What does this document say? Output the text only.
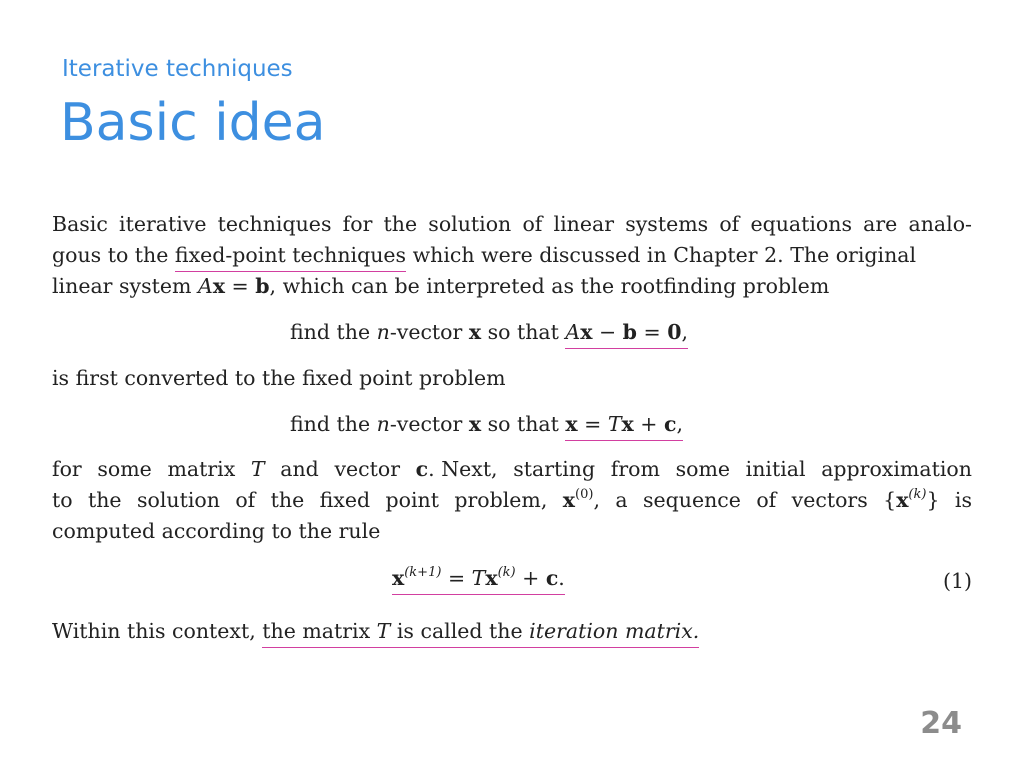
Iterative techniques
Basic idea
Basic iterative techniques for the solution of linear systems of equations are analo-
gous to the fixed-point techniques which were discussed in Chapter 2. The original
linear system Ax = b, which can be interpreted as the rootfinding problem
find the n-vector x so that Ax − b = 0,
is first converted to the fixed point problem
find the n-vector x so that x = Tx + c,
for some matrix T and vector c. Next, starting from some initial approximation
to the solution of the fixed point problem, $x^{(0)}$, a sequence of vectors $\{x^{(k)}\}$ is
computed according to the rule
$x^{(k+1)} = Tx^{(k)} + c$.	(1)
Within this context, the matrix T is called the iteration matrix.
24
